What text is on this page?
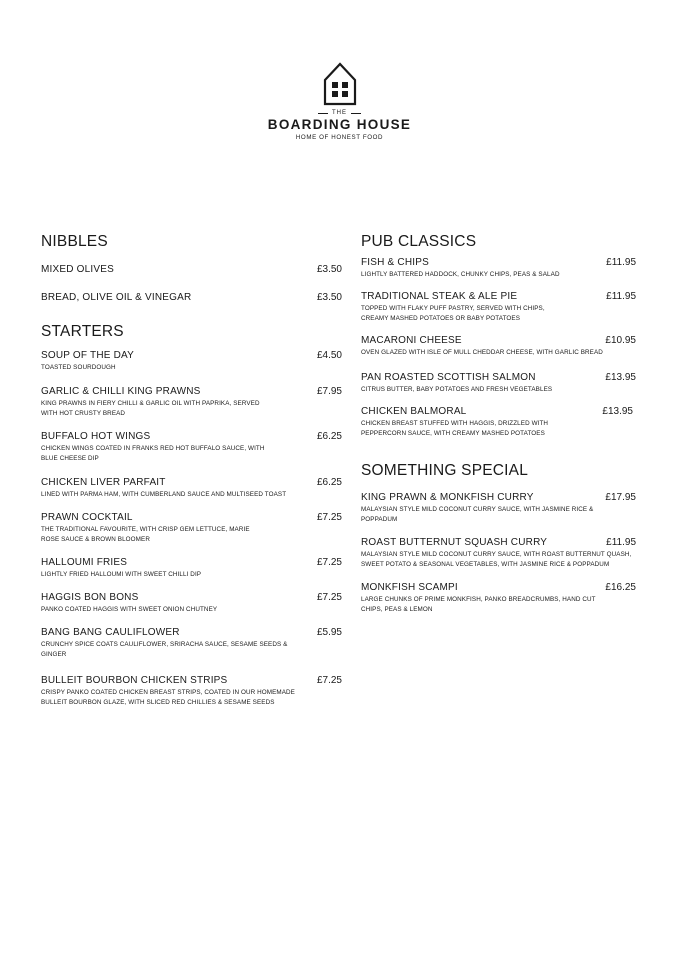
THE
BOARDING HOUSE
HOME OF HONEST FOOD
NIBBLES
MIXED OLIVES	£3.50
BREAD, OLIVE OIL & VINEGAR	£3.50
STARTERS
SOUP OF THE DAY	£4.50
TOASTED SOURDOUGH
GARLIC & CHILLI KING PRAWNS	£7.95
KING PRAWNS IN FIERY CHILLI & GARLIC OIL WITH PAPRIKA, SERVED WITH HOT CRUSTY BREAD
BUFFALO HOT WINGS	£6.25
CHICKEN WINGS COATED IN FRANKS RED HOT BUFFALO SAUCE, WITH BLUE CHEESE DIP
CHICKEN LIVER PARFAIT	£6.25
LINED WITH PARMA HAM, WITH CUMBERLAND SAUCE AND MULTISEED TOAST
PRAWN COCKTAIL	£7.25
THE TRADITIONAL FAVOURITE, WITH CRISP GEM LETTUCE, MARIE ROSE SAUCE & BROWN BLOOMER
HALLOUMI FRIES	£7.25
LIGHTLY FRIED HALLOUMI WITH SWEET CHILLI DIP
HAGGIS BON BONS	£7.25
PANKO COATED HAGGIS WITH SWEET ONION CHUTNEY
BANG BANG CAULIFLOWER	£5.95
CRUNCHY SPICE COATS CAULIFLOWER, SRIRACHA SAUCE, SESAME SEEDS & GINGER
BULLEIT BOURBON CHICKEN STRIPS	£7.25
CRISPY PANKO COATED CHICKEN BREAST STRIPS, COATED IN OUR HOMEMADE BULLEIT BOURBON GLAZE, WITH SLICED RED CHILLIES & SESAME SEEDS
PUB CLASSICS
FISH & CHIPS	£11.95
LIGHTLY BATTERED HADDOCK, CHUNKY CHIPS, PEAS & SALAD
TRADITIONAL STEAK & ALE PIE	£11.95
TOPPED WITH FLAKY PUFF PASTRY, SERVED WITH CHIPS, CREAMY MASHED POTATOES OR BABY POTATOES
MACARONI CHEESE	£10.95
OVEN GLAZED WITH ISLE OF MULL CHEDDAR CHEESE, WITH GARLIC BREAD
PAN ROASTED SCOTTISH SALMON	£13.95
CITRUS BUTTER, BABY POTATOES AND FRESH VEGETABLES
CHICKEN BALMORAL	£13.95
CHICKEN BREAST STUFFED WITH HAGGIS, DRIZZLED WITH PEPPERCORN SAUCE, WITH CREAMY MASHED POTATOES
SOMETHING SPECIAL
KING PRAWN & MONKFISH CURRY	£17.95
MALAYSIAN STYLE MILD COCONUT CURRY SAUCE, WITH JASMINE RICE & POPPADUM
ROAST BUTTERNUT SQUASH CURRY	£11.95
MALAYSIAN STYLE MILD COCONUT CURRY SAUCE, WITH ROAST BUTTERNUT QUASH, SWEET POTATO & SEASONAL VEGETABLES, WITH JASMINE RICE & POPPADUM
MONKFISH SCAMPI	£16.25
LARGE CHUNKS OF PRIME MONKFISH, PANKO BREADCRUMBS, HAND CUT CHIPS, PEAS & LEMON
